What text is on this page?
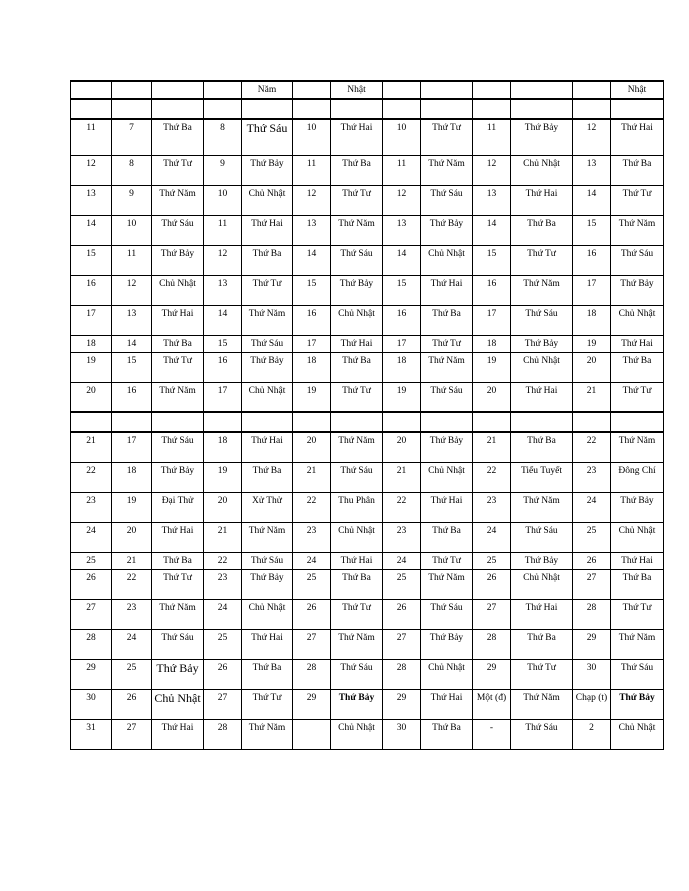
				Năm		Nhật						Nhật

11	7	Thứ Ba	8	Thứ Sáu	10	Thứ Hai	10	Thứ Tư	11	Thứ Bảy	12	Thứ Hai
12	8	Thứ Tư	9	Thứ Bảy	11	Thứ Ba	11	Thứ Năm	12	Chủ Nhật	13	Thứ Ba
13	9	Thứ Năm	10	Chủ Nhật	12	Thứ Tư	12	Thứ Sáu	13	Thứ Hai	14	Thứ Tư
14	10	Thứ Sáu	11	Thứ Hai	13	Thứ Năm	13	Thứ Bảy	14	Thứ Ba	15	Thứ Năm
15	11	Thứ Bảy	12	Thứ Ba	14	Thứ Sáu	14	Chủ Nhật	15	Thứ Tư	16	Thứ Sáu
16	12	Chủ Nhật	13	Thứ Tư	15	Thứ Bảy	15	Thứ Hai	16	Thứ Năm	17	Thứ Bảy
17	13	Thứ Hai	14	Thứ Năm	16	Chủ Nhật	16	Thứ Ba	17	Thứ Sáu	18	Chủ Nhật
18	14	Thứ Ba	15	Thứ Sáu	17	Thứ Hai	17	Thứ Tư	18	Thứ Bảy	19	Thứ Hai
19	15	Thứ Tư	16	Thứ Bảy	18	Thứ Ba	18	Thứ Năm	19	Chủ Nhật	20	Thứ Ba
20	16	Thứ Năm	17	Chủ Nhật	19	Thứ Tư	19	Thứ Sáu	20	Thứ Hai	21	Thứ Tư

21	17	Thứ Sáu	18	Thứ Hai	20	Thứ Năm	20	Thứ Bảy	21	Thứ Ba	22	Thứ Năm
22	18	Thứ Bảy	19	Thứ Ba	21	Thứ Sáu	21	Chủ Nhật	22	Tiểu Tuyết	23	Đông Chí
23	19	Đại Thử	20	Xử Thử	22	Thu Phân	22	Thứ Hai	23	Thứ Năm	24	Thứ Bảy
24	20	Thứ Hai	21	Thứ Năm	23	Chủ Nhật	23	Thứ Ba	24	Thứ Sáu	25	Chủ Nhật
25	21	Thứ Ba	22	Thứ Sáu	24	Thứ Hai	24	Thứ Tư	25	Thứ Bảy	26	Thứ Hai
26	22	Thứ Tư	23	Thứ Bảy	25	Thứ Ba	25	Thứ Năm	26	Chủ Nhật	27	Thứ Ba
27	23	Thứ Năm	24	Chủ Nhật	26	Thứ Tư	26	Thứ Sáu	27	Thứ Hai	28	Thứ Tư
28	24	Thứ Sáu	25	Thứ Hai	27	Thứ Năm	27	Thứ Bảy	28	Thứ Ba	29	Thứ Năm
29	25	Thứ Bảy	26	Thứ Ba	28	Thứ Sáu	28	Chủ Nhật	29	Thứ Tư	30	Thứ Sáu
30	26	Chủ Nhật	27	Thứ Tư	29	Thứ Bảy	29	Thứ Hai	Một (đ)	Thứ Năm	Chạp (t)	Thứ Bảy
31	27	Thứ Hai	28	Thứ Năm		Chủ Nhật	30	Thứ Ba	-	Thứ Sáu	2	Chủ Nhật
